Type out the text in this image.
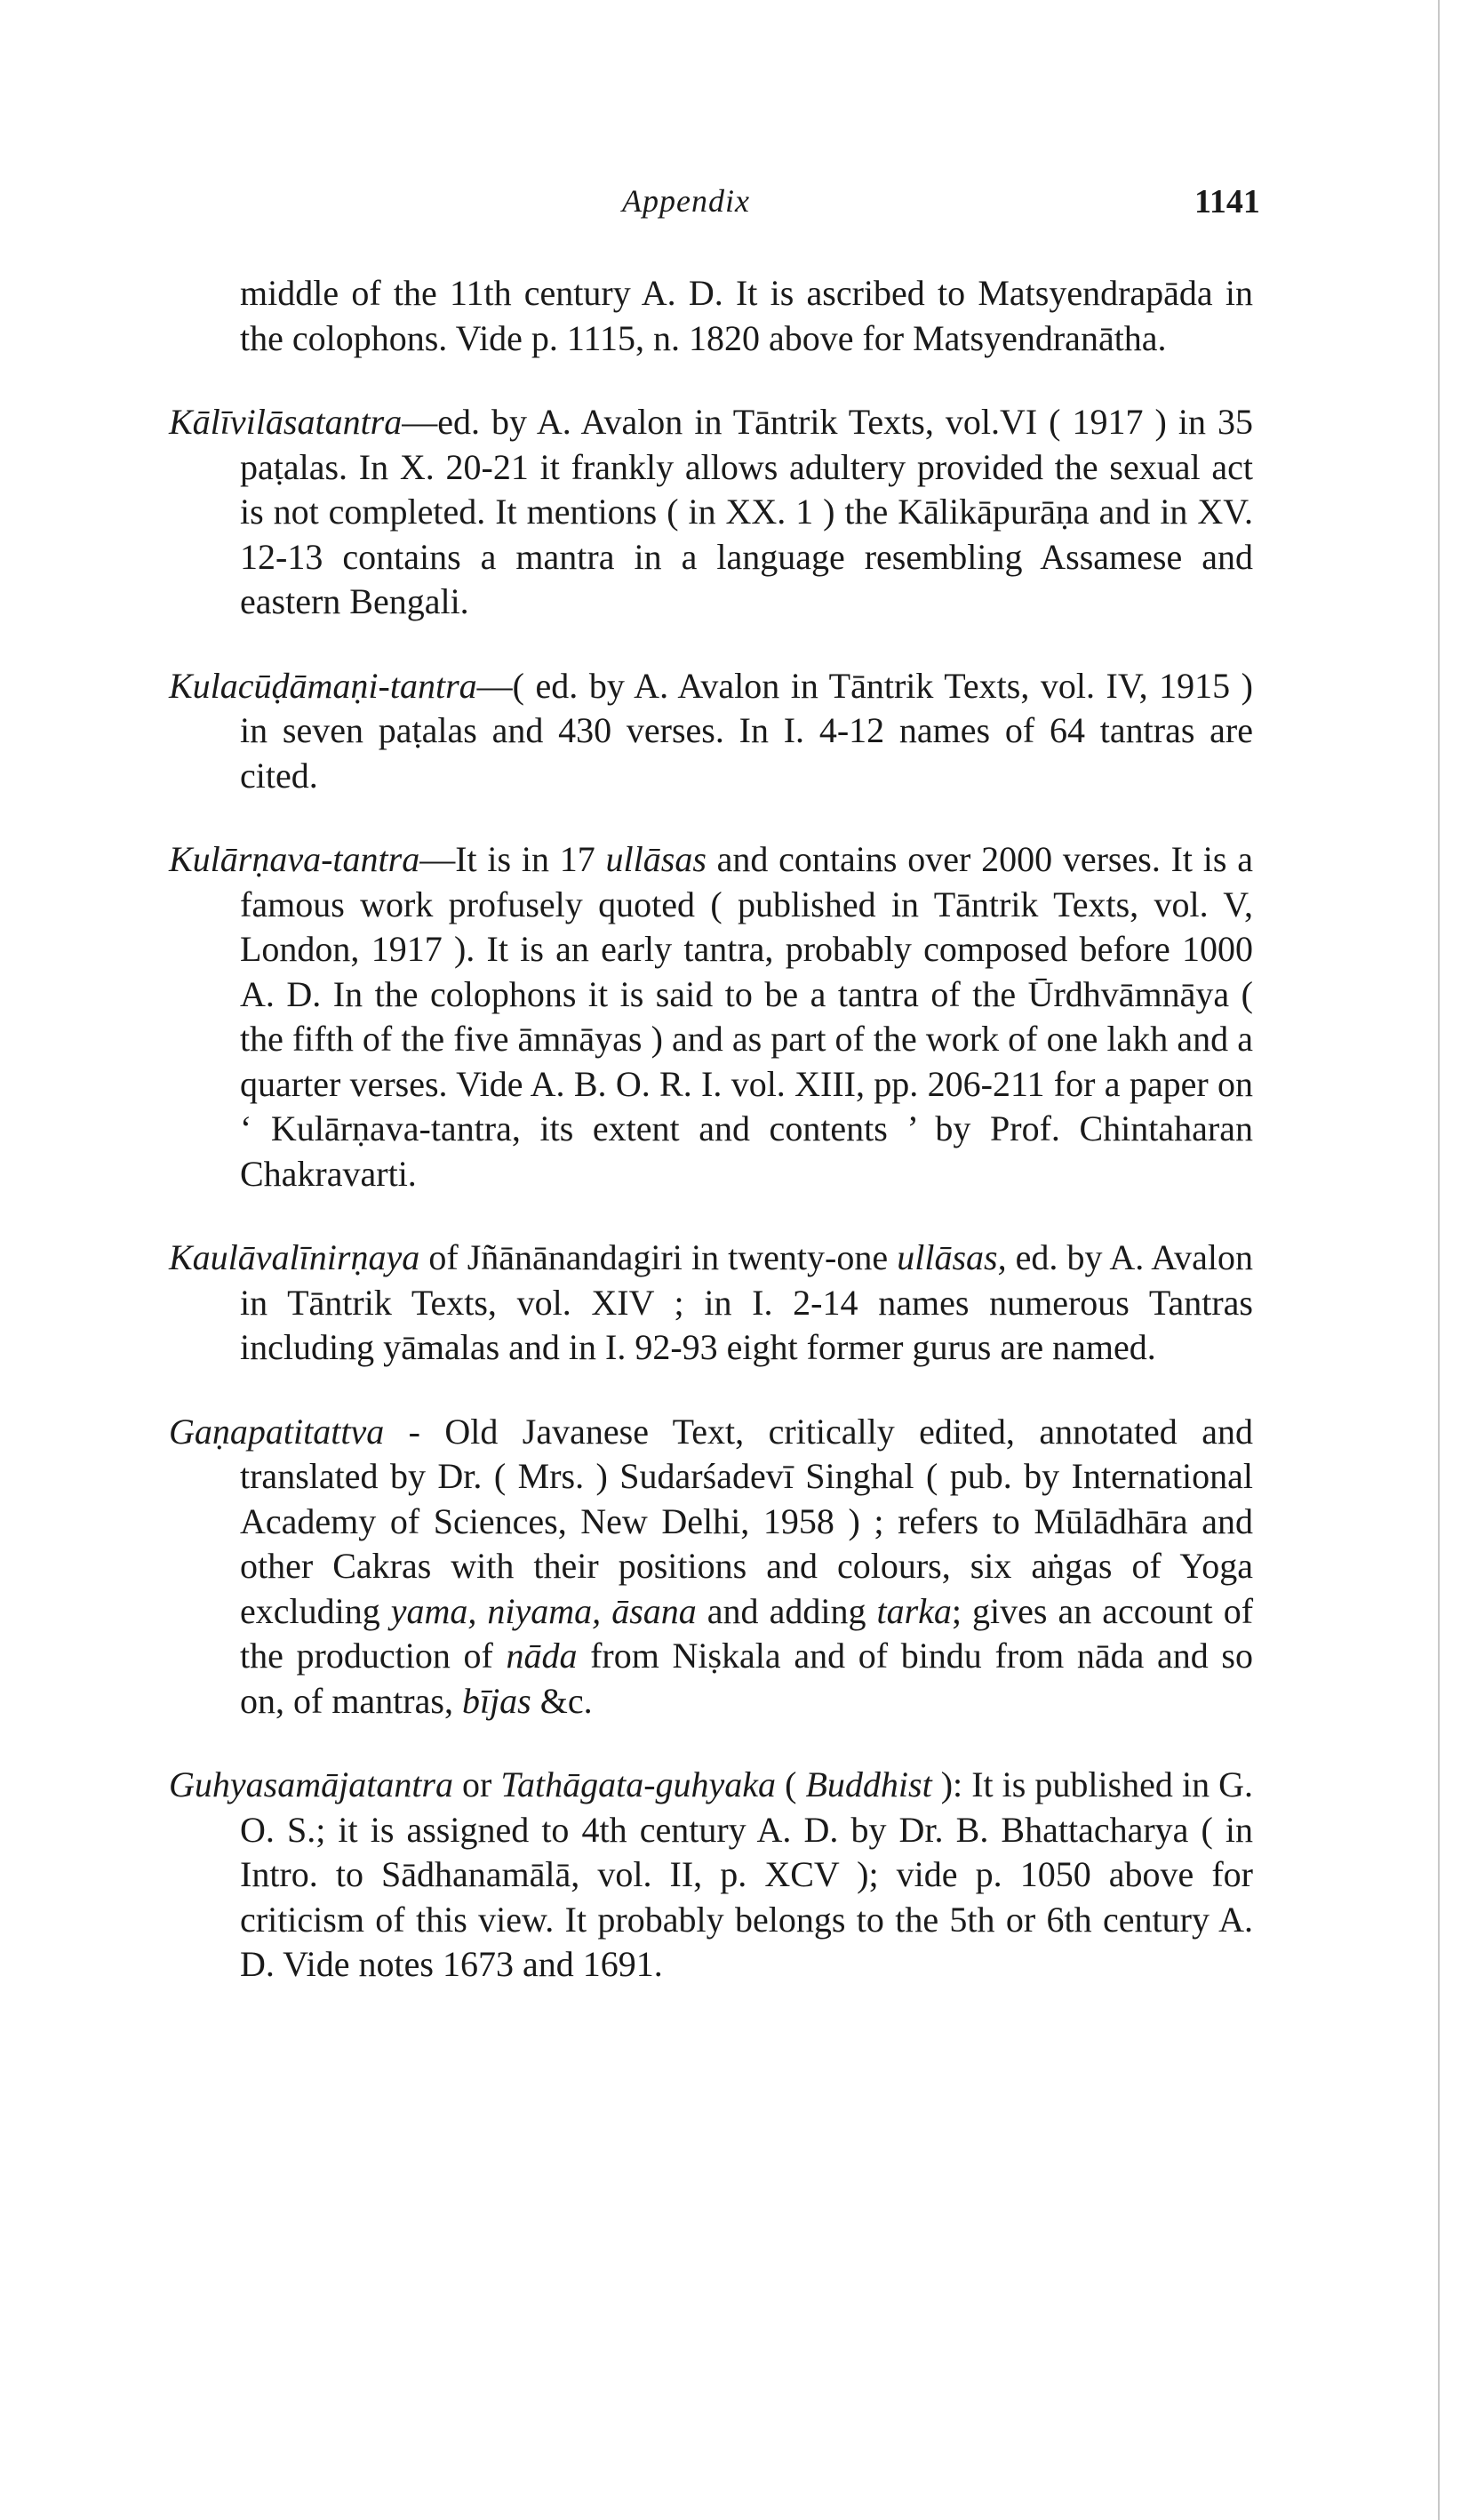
Appendix	1141

middle of the 11th century A. D. It is ascribed to Matsyendrapāda in the colophons. Vide p. 1115, n. 1820 above for Matsyendranātha.

Kālīvilāsatantra—ed. by A. Avalon in Tāntrik Texts, vol.VI ( 1917 ) in 35 paṭalas. In X. 20-21 it frankly allows adultery provided the sexual act is not completed. It mentions ( in XX. 1 ) the Kālikāpurāṇa and in XV. 12-13 contains a mantra in a language resembling Assamese and eastern Bengali.

Kulacūḍāmaṇi-tantra—( ed. by A. Avalon in Tāntrik Texts, vol. IV, 1915 ) in seven paṭalas and 430 verses. In I. 4-12 names of 64 tantras are cited.

Kulārṇava-tantra—It is in 17 ullāsas and contains over 2000 verses. It is a famous work profusely quoted ( published in Tāntrik Texts, vol. V, London, 1917 ). It is an early tantra, probably composed before 1000 A. D. In the colophons it is said to be a tantra of the Ūrdhvāmnāya ( the fifth of the five āmnāyas ) and as part of the work of one lakh and a quarter verses. Vide A. B. O. R. I. vol. XIII, pp. 206-211 for a paper on ‘ Kulārṇava-tantra, its extent and contents ’ by Prof. Chintaharan Chakravarti.

Kaulāvalīnirṇaya of Jñānānandagiri in twenty-one ullāsas, ed. by A. Avalon in Tāntrik Texts, vol. XIV ; in I. 2-14 names numerous Tantras including yāmalas and in I. 92-93 eight former gurus are named.

Gaṇapatitattva - Old Javanese Text, critically edited, annotated and translated by Dr. ( Mrs. ) Sudarśadevī Singhal ( pub. by International Academy of Sciences, New Delhi, 1958 ) ; refers to Mūlādhāra and other Cakras with their positions and colours, six aṅgas of Yoga excluding yama, niyama, āsana and adding tarka; gives an account of the production of nāda from Niṣkala and of bindu from nāda and so on, of mantras, bījas &c.

Guhyasamājatantra or Tathāgata-guhyaka ( Buddhist ): It is published in G. O. S.; it is assigned to 4th century A. D. by Dr. B. Bhattacharya ( in Intro. to Sādhanamālā, vol. II, p. XCV ); vide p. 1050 above for criticism of this view. It probably belongs to the 5th or 6th century A. D. Vide notes 1673 and 1691.
